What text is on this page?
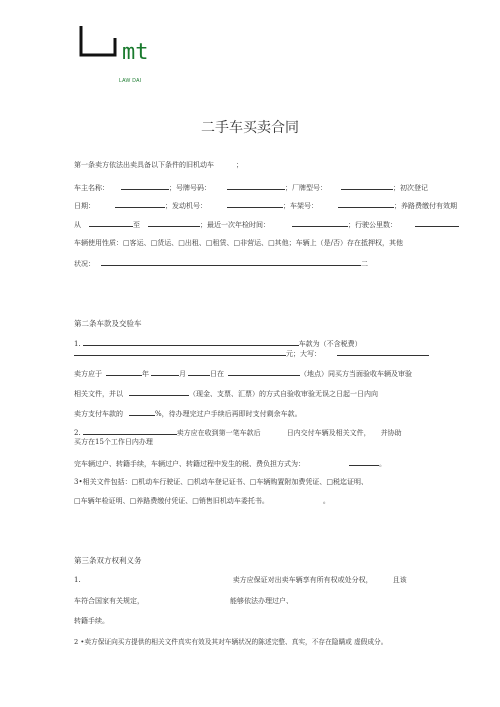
mt
LAW DAI
二手车买卖合同
第一条卖方依法出卖具备以下条件的旧机动车	；
车主名称：	；号牌号码：	；厂牌型号：	；初次登记
日期：	；发动机号：	；车架号：	；养路费缴付有效期
从	至	；最近一次年检时间：	；行驶公里数：
车辆使用性质：□客运、□货运、□出租、□租赁、□非营运、□其他；车辆上（是/否）存在抵押权，其他
状况：	二
第二条车款及交验车
1.	车款为（不含税费）
元；大写：
卖方应于	年	月	日在	（地点）同买方当面验收车辆及审验
相关文件，并以	（现金、支票、汇票）的方式自验收审验无误之日起一日内向
卖方支付车款的	%，待办理完过户手续后再即时支付剩余车款。
2.	卖方应在收到第一笔车款后	日内交付车辆及相关文件， 并协助
买方在15个工作日内办理
完车辆过户、转籍手续，车辆过户、转籍过程中发生的税、费负担方式为：	。
3•相关文件包括：□机动车行驶证、□机动车登记证书、□车辆购置附加费凭证、□税迄证明、
□车辆年检证明、□养路费缴付凭证、□销售旧机动车委托书。	。
第三条双方权利义务
1.	卖方应保证对出卖车辆享有所有权或处分权，	且该
车符合国家有关规定，	能够依法办理过户、
转籍手续。
2 •卖方保证向买方提供的相关文件真实有效及其对车辆状况的陈述完整、真实，不存在隐瞒或 虚假成分。
